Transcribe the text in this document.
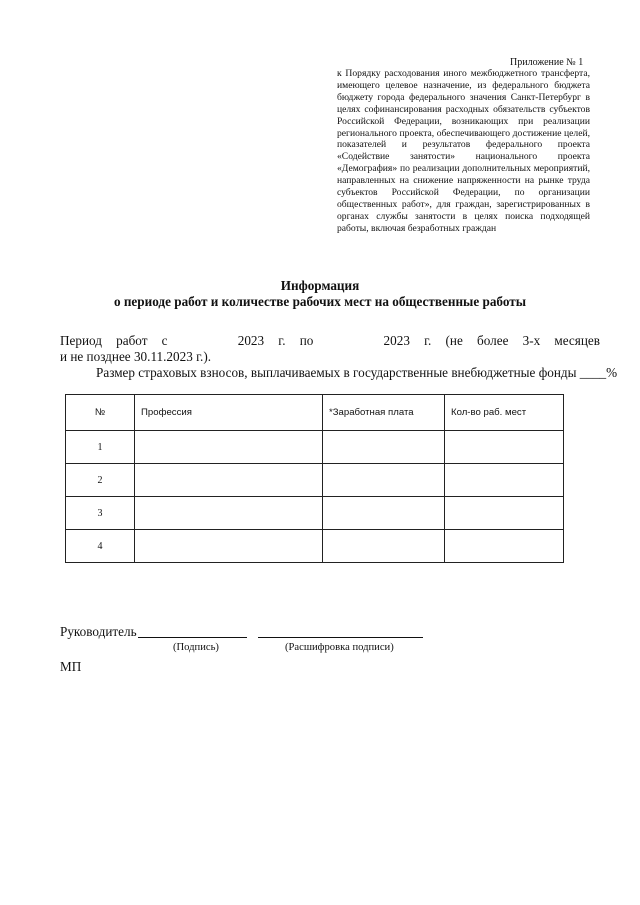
Приложение № 1
к Порядку расходования иного межбюджетного трансферта, имеющего целевое назначение, из федерального бюджета бюджету города федерального значения Санкт-Петербург в целях софинансирования расходных обязательств субъектов Российской Федерации, возникающих при реализации регионального проекта, обеспечивающего достижение целей, показателей и результатов федерального проекта «Содействие занятости» национального проекта «Демография» по реализации дополнительных мероприятий, направленных на снижение напряженности на рынке труда субъектов Российской Федерации, по организации общественных работ», для граждан, зарегистрированных в органах службы занятости в целях поиска подходящей работы, включая безработных граждан
Информация
о периоде работ и количестве рабочих мест на общественные работы
Период работ с	2023 г. по	2023 г. (не более 3-х месяцев
и не позднее 30.11.2023 г.).
Размер страховых взносов, выплачиваемых в государственные внебюджетные фонды ____%
№	Профессия	*Заработная плата	Кол-во раб. мест
1			
2			
3			
4			
Руководитель
(Подпись)	(Расшифровка подписи)
МП
